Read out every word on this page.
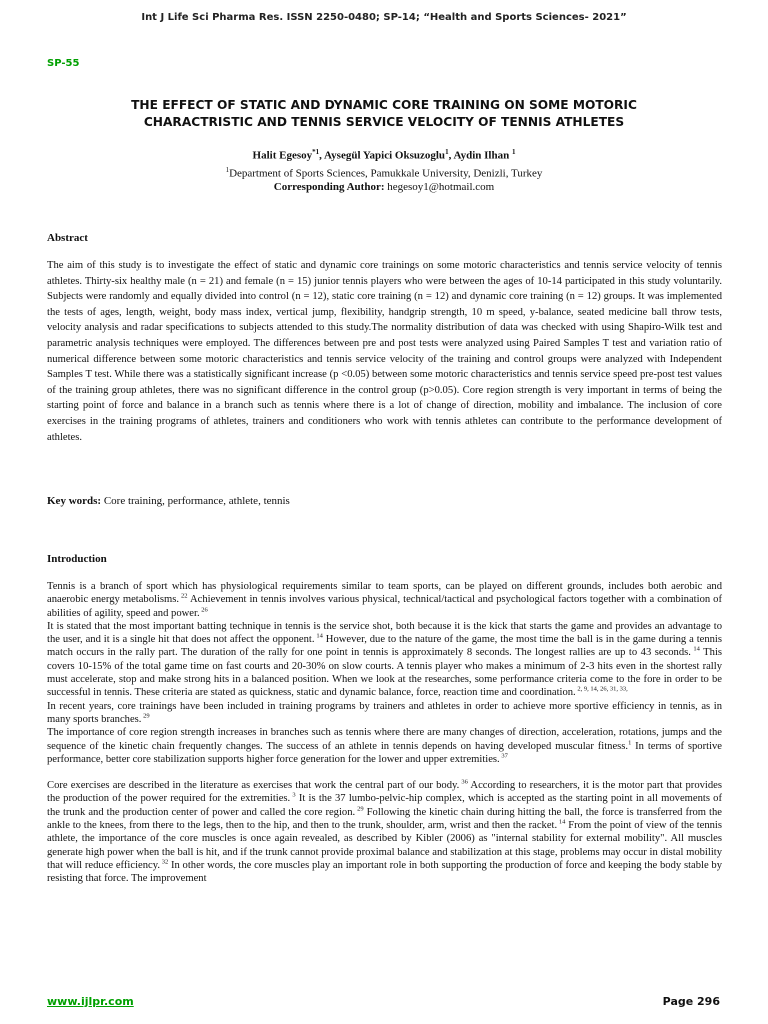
Int J Life Sci Pharma Res. ISSN 2250-0480; SP-14; “Health and Sports Sciences- 2021”
SP-55
THE EFFECT OF STATIC AND DYNAMIC CORE TRAINING ON SOME MOTORIC
CHARACTRISTIC AND TENNIS SERVICE VELOCITY OF TENNIS ATHLETES
Halit Egesoy$^{*1}$, Aysegül Yapici Oksuzoglu$^1$, Aydin Ilhan $^1$
$^1$Department of Sports Sciences, Pamukkale University, Denizli, Turkey
Corresponding Author: hegesoy1@hotmail.com
Abstract

The aim of this study is to investigate the effect of static and dynamic core trainings on some motoric characteristics and tennis service velocity of tennis athletes. Thirty-six healthy male (n = 21) and female (n = 15) junior tennis players who were between the ages of 10-14 participated in this study voluntarily. Subjects were randomly and equally divided into control (n = 12), static core training (n = 12) and dynamic core training (n = 12) groups. It was implemented the tests of ages, length, weight, body mass index, vertical jump, flexibility, handgrip strength, 10 m speed, y-balance, seated medicine ball throw tests, velocity analysis and radar specifications to subjects attended to this study.The normality distribution of data was checked with using Shapiro-Wilk test and parametric analysis techniques were employed. The differences between pre and post tests were analyzed using Paired Samples T test and variation ratio of numerical difference between some motoric characteristics and tennis service velocity of the training and control groups were analyzed with Independent Samples T test. While there was a statistically significant increase (p <0.05) between some motoric characteristics and tennis service speed pre-post test values of the training group athletes, there was no significant difference in the control group (p>0.05). Core region strength is very important in terms of being the starting point of force and balance in a branch such as tennis where there is a lot of change of direction, mobility and imbalance. The inclusion of core exercises in the training programs of athletes, trainers and conditioners who work with tennis athletes can contribute to the performance development of athletes.

Key words: Core training, performance, athlete, tennis
Introduction

Tennis is a branch of sport which has physiological requirements similar to team sports, can be played on different grounds, includes both aerobic and anaerobic energy metabolisms. $^{22}$ Achievement in tennis involves various physical, technical/tactical and psychological factors together with a combination of abilities of agility, speed and power. $^{26}$

It is stated that the most important batting technique in tennis is the service shot, both because it is the kick that starts the game and provides an advantage to the user, and it is a single hit that does not affect the opponent. $^{14}$ However, due to the nature of the game, the most time the ball is in the game during a tennis match occurs in the rally part. The duration of the rally for one point in tennis is approximately 8 seconds. The longest rallies are up to 43 seconds. $^{14}$ This covers 10-15% of the total game time on fast courts and 20-30% on slow courts. A tennis player who makes a minimum of 2-3 hits even in the shortest rally must accelerate, stop and make strong hits in a balanced position. When we look at the researches, some performance criteria come to the fore in order to be successful in tennis. These criteria are stated as quickness, static and dynamic balance, force, reaction time and coordination. $^{2, 9, 14, 26, 31, 33,}$

In recent years, core trainings have been included in training programs by trainers and athletes in order to achieve more sportive efficiency in tennis, as in many sports branches. $^{29}$

The importance of core region strength increases in branches such as tennis where there are many changes of direction, acceleration, rotations, jumps and the sequence of the kinetic chain frequently changes. The success of an athlete in tennis depends on having developed muscular fitness.$^1$ In terms of sportive performance, better core stabilization supports higher force generation for the lower and upper extremities. $^{37}$

Core exercises are described in the literature as exercises that work the central part of our body. $^{36}$ According to researchers, it is the motor part that provides the production of the power required for the extremities. $^3$ It is the 37 lumbo-pelvic-hip complex, which is accepted as the starting point in all movements of the trunk and the production center of power and called the core region. $^{29}$ Following the kinetic chain during hitting the ball, the force is transferred from the ankle to the knees, from there to the legs, then to the hip, and then to the trunk, shoulder, arm, wrist and then the racket. $^{14}$ From the point of view of the tennis athlete, the importance of the core muscles is once again revealed, as described by Kibler (2006) as "internal stability for external mobility". All muscles generate high power when the ball is hit, and if the trunk cannot provide proximal balance and stabilization at this stage, problems may occur in distal mobility that will reduce efficiency. $^{32}$ In other words, the core muscles play an important role in both supporting the production of force and keeping the body stable by resisting that force. The improvement

www.ijlpr.com	Page 296
